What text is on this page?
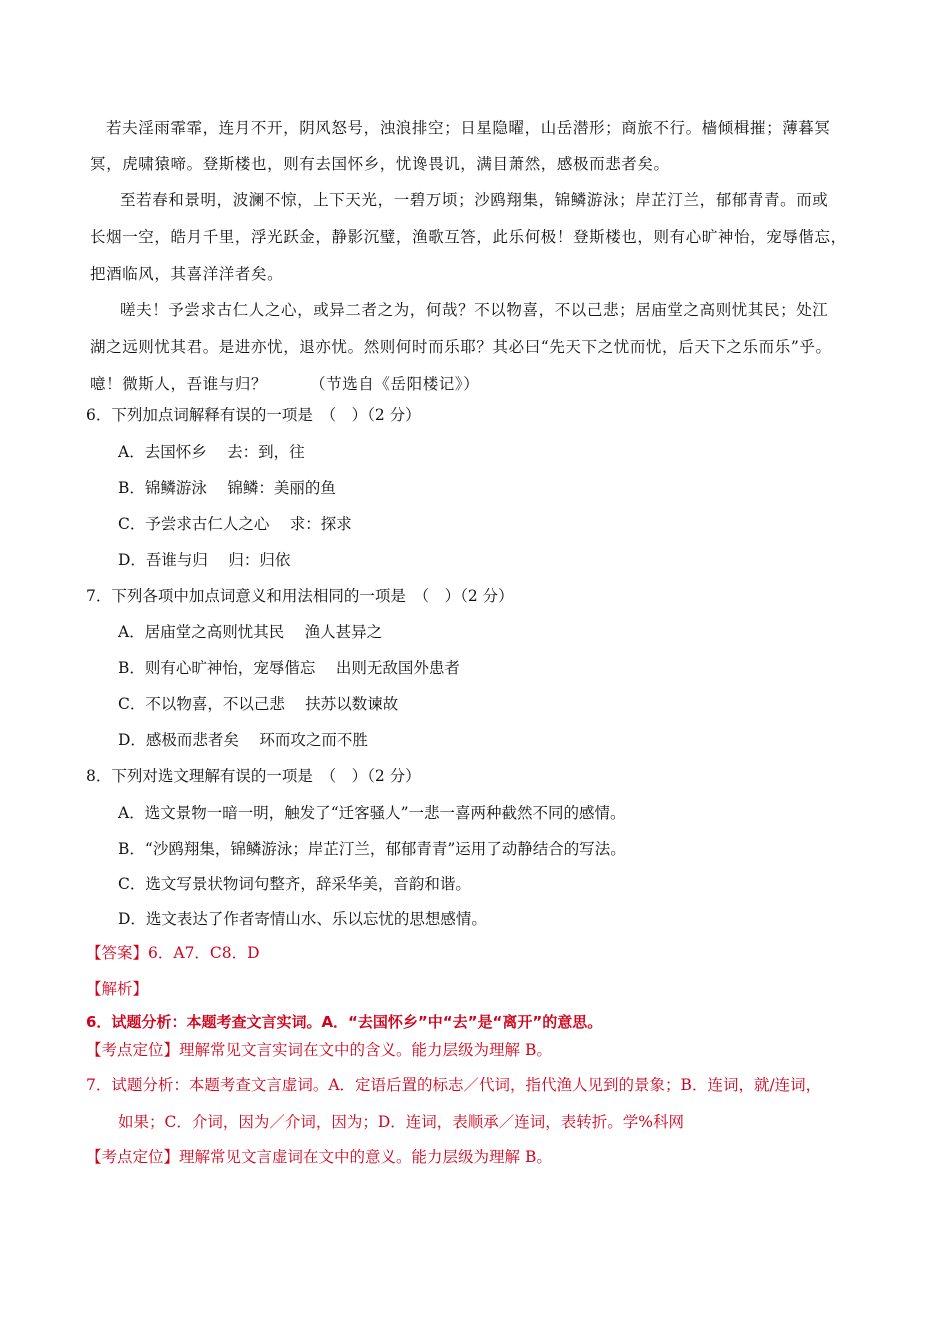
若夫淫雨霏霏，连月不开，阴风怒号，浊浪排空；日星隐曜，山岳潜形；商旅不行。樯倾楫摧；薄暮冥
冥，虎啸猿啼。登斯楼也，则有去国怀乡，忧谗畏讥，满目萧然，感极而悲者矣。
至若春和景明，波澜不惊，上下天光，一碧万顷；沙鸥翔集，锦鳞游泳；岸芷汀兰，郁郁青青。而或
长烟一空，皓月千里，浮光跃金，静影沉璧，渔歌互答，此乐何极！登斯楼也，则有心旷神怡，宠辱偕忘，
把酒临风，其喜洋洋者矣。
嗟夫！予尝求古仁人之心，或异二者之为，何哉？不以物喜，不以己悲；居庙堂之高则忧其民；处江
湖之远则忧其君。是进亦忧，退亦忧。然则何时而乐耶？其必曰“先天下之忧而忧，后天下之乐而乐”乎。
噫！微斯人，吾谁与归？	（节选自《岳阳楼记》）
6．下列加点词解释有误的一项是　（　）（2 分）
A．去国怀乡　 去：到，往
B．锦鳞游泳　 锦鳞：美丽的鱼
C．予尝求古仁人之心　 求：探求
D．吾谁与归　 归：归依
7．下列各项中加点词意义和用法相同的一项是　（　）（2 分）
A．居庙堂之高则忧其民　 渔人甚异之
B．则有心旷神怡，宠辱偕忘　 出则无敌国外患者
C．不以物喜，不以己悲　 扶苏以数谏故
D．感极而悲者矣　 环而攻之而不胜
8．下列对选文理解有误的一项是　（　）（2 分）
A．选文景物一暗一明，触发了“迁客骚人”一悲一喜两种截然不同的感情。
B．“沙鸥翔集，锦鳞游泳；岸芷汀兰，郁郁青青”运用了动静结合的写法。
C．选文写景状物词句整齐，辞采华美，音韵和谐。
D．选文表达了作者寄情山水、乐以忘忧的思想感情。
【答案】6．A7．C8．D
【解析】
6．试题分析：本题考查文言实词。A．“去国怀乡”中“去”是“离开”的意思。
【考点定位】理解常见文言实词在文中的含义。能力层级为理解 B。
7．试题分析：本题考查文言虚词。A．定语后置的标志／代词，指代渔人见到的景象；B．连词，就/连词，
如果；C．介词，因为／介词，因为；D．连词，表顺承／连词，表转折。学%科网
【考点定位】理解常见文言虚词在文中的意义。能力层级为理解 B。
